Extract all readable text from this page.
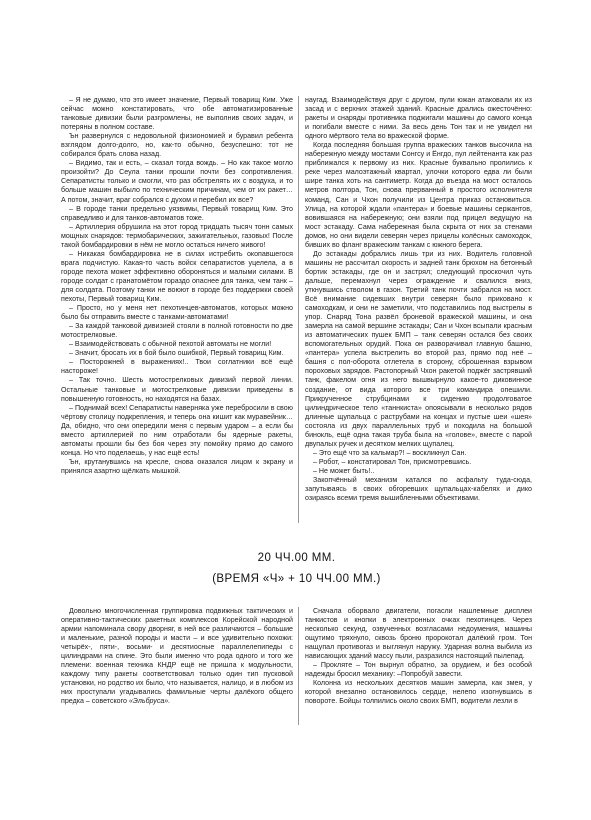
– Я не думаю, что это имеет значение, Первый товарищ Ким. Уже сейчас можно констатировать, что обе автоматизированные танковые дивизии были разгромлены, не выполнив своих задач, и потеряны в полном составе.

Ън развернулся с недовольной физиономией и буравил ребента взглядом долго-долго, но, как-то обычно, безуспешно: тот не собирался брать слова назад.

– Видимо, так и есть, – сказал тогда вождь. – Но как такое могло произойти? До Сеула танки прошли почти без сопротивления. Сепаратисты только и смогли, что раз обстрелять их с воздуха, и то больше машин выбыло по техническим причинам, чем от их ракет… А потом, значит, враг собрался с духом и перебил их все?

– В городе танки предельно уязвимы, Первый товарищ Ким. Это справедливо и для танков-автоматов тоже.

– Артиллерия обрушила на этот город тридцать тысяч тонн самых мощных снарядов: термобарических, зажигательных, газовых! После такой бомбардировки в нём не могло остаться ничего живого!

– Никакая бомбардировка не в силах истребить окопавшегося врага подчистую. Какая-то часть войск сепаратистов уцелела, а в городе пехота может эффективно обороняться и малыми силами. В городе солдат с гранатомётом гораздо опаснее для танка, чем танк – для солдата. Поэтому танки не воюют в городе без поддержки своей пехоты, Первый товарищ Ким.

– Просто, но у меня нет пехотинцев-автоматов, которых можно было бы отправить вместе с танками-автоматами!

– За каждой танковой дивизией стояли в полной готовности по две мотострелковые.

– Взаимодействовать с обычной пехотой автоматы не могли!

– Значит, бросать их в бой было ошибкой, Первый товарищ Ким.

– Посторожней в выражениях!.. Твои соглатники всё ещё настороже!

– Так точно. Шесть мотострелковых дивизий первой линии. Остальные танковые и мотострелковые дивизии приведены в повышенную готовность, но находятся на базах.

– Поднимай всех! Сепаратисты наверняка уже перебросили в свою чёртову столицу подкрепления, и теперь она кишит как муравейник… Да, обидно, что они опередили меня с первым ударом – а если бы вместо артиллерией по ним отработали бы ядерные ракеты, автоматы прошли бы без боя через эту помойку прямо до самого конца. Но что поделаешь, у нас ещё есть!

Ън, крутанувшись на кресле, снова оказался лицом к экрану и принялся азартно щёлкать мышкой.

наугад. Взаимодействуя друг с другом, пули южан атаковали их из засад и с верхних этажей зданий. Красные дрались ожесточённо: ракеты и снаряды противника поджигали машины до самого конца и погибали вместе с ними. За весь день Тон так и не увидел ни одного мёртвого тела во вражеской форме.

Когда последняя большая группа вражеских танков высочила на набережную между мостами Сонгсу и Ёнгдо, пул лейтенанта как раз приближался к первому из них. Красные буквально пролились к реке через малоэтажный квартал, улочки которого едва ли были шире танка хоть на сантиметр. Когда до въезда на мост осталось метров полтора, Тон, снова прерванный в простого исполнителя команд, Сан и Чхон получили из Центра приказ остановиться. Улица, на которой ждали «пантера» и боевые машины сержантов, вовившаяся на набережную; они взяли под прицел ведущую на мост эстакаду. Сама набережная была скрыта от них за стенами домов, но они видели северян через прицелы колёсных самоходок, бивших во фланг вражеским танкам с южного берега.

До эстакады добрались лишь три из них. Водитель головной машины не рассчитал скорость и задней танк брюхом на бетонный бортик эстакады, где он и застрял; следующий проскочил чуть дальше, перемахнул через ограждение и свалился вниз, уткнувшись стволом в газон. Третий танк почти забрался на мост. Всё внимание сидевших внутри северян было приковано к самоходкам, и они не заметили, что подставились под выстрелы в упор. Снаряд Тона развёл броневой вражеской машины, и она замерла на самой вершине эстакады; Сан и Чхон всыпали красным из автоматических пушек БМП – танк северян остался без своих вспомогательных орудий. Пока он разворачивал главную башню, «пантера» успела выстрелить во второй раз, прямо под неё – башня с пол-оборота отлетела в сторону, сброшенная взрывом пороховых зарядов. Растопорный Чхон ракетой поджёг застрявший танк, факелом огня из него вышвырнуло какое-то диковинное создание, от вида которого все три командира опешили. Прикрученное струбцинами к сидению продолговатое цилиндрическое тело «таннкиста» опоясывали в несколько рядов длинные щупальца с раструбами на концах и пустые шеи «шея» состояла из двух параллельных труб и походила на большой бинокль, ещё одна такая труба была на «голове», вместе с парой двупалых ручек и десятком мелких щупалец.

– Это ещё что за кальмар?! – воскликнул Сан.

– Робот, – констатировал Тон, присмотревшись.

– Не может быть!..

Закопчённый механизм катался по асфальту туда-сюда, запутываясь в своих обгоревших щупальцах-кабелях и дико озираясь всеми тремя вышибленными объективами.

20 ЧЧ.00 ММ.
(ВРЕМЯ «Ч» + 10 ЧЧ.00 ММ.)

Довольно многочисленная группировка подвижных тактических и оперативно-тактических ракетных комплексов Корейской народной армии напоминала свору дворняг, в ней все различаются – большие и маленькие, разной породы и масти – и все удивительно похожи: четырёх-, пяти-, восьми- и десятиосные параллелепипеды с цилиндрами на спине. Это были именно что рода одного и того же племени: военная техника КНДР ещё не пришла к модульности, каждому типу ракеты соответствовал только один тип пусковой установки, но родство их было, что называется, налицо, и в любом из них проступали угадывались фамильные черты далёкого общего предка – советского «Эльбруса».

Сначала оборвало двигатели, погасли нашлемные дисплеи танкистов и кнопки в электронных очках пехотинцев. Через несколько секунд, озвученных возгласами недоумения, машины ощутимо тряхнуло, сквозь броню пророкотал далёкий гром. Тон нащупал противогаз и выглянул наружу. Ударная волна выбила из нависающих зданий массу пыли, разразился настоящий пылепад.

– Прокляте – Тон вырнул обратно, за орудием, и без особой надежды бросил механику: –Попробуй завести.

Колонна из нескольких десятков машин замерла, как змея, у которой внезапно остановилось сердце, нелепо изогнувшись в повороте. Бойцы толпились около своих БМП, водители лезли в
